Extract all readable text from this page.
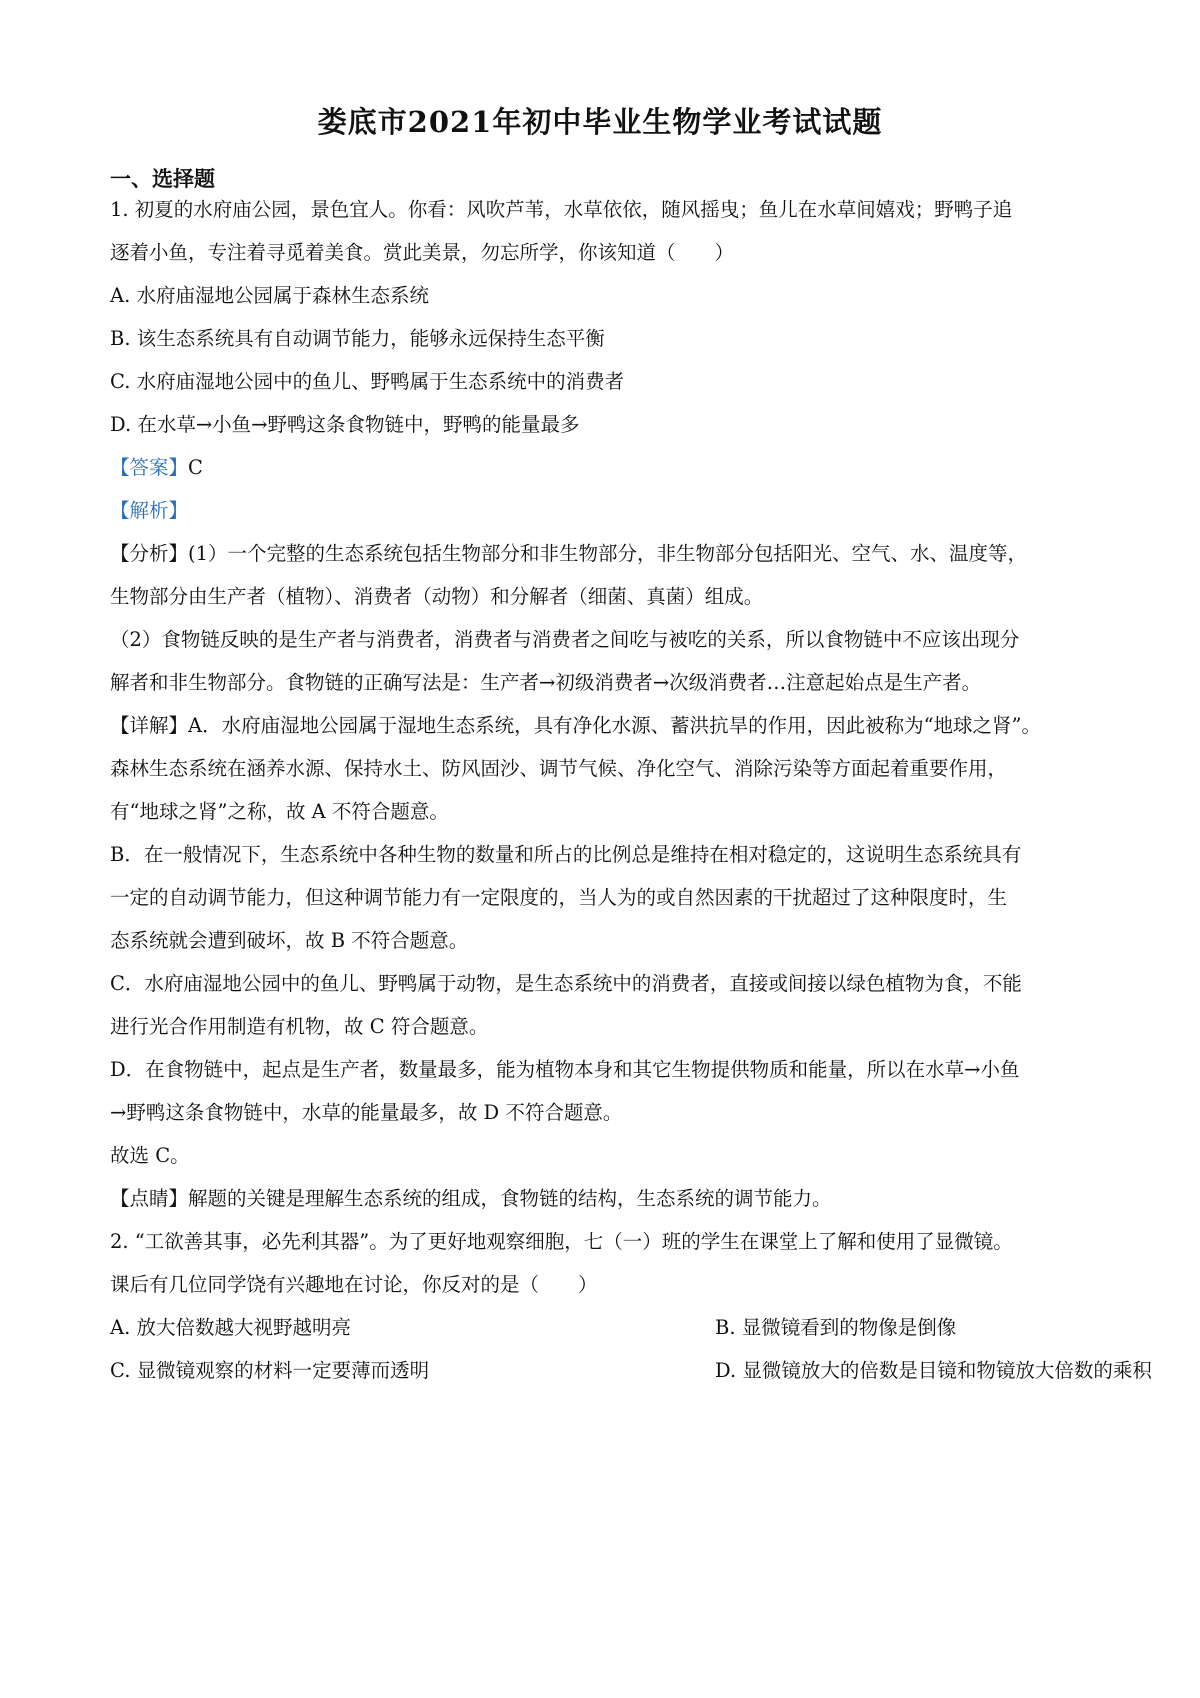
娄底市2021年初中毕业生物学业考试试题
一、选择题
1. 初夏的水府庙公园，景色宜人。你看：风吹芦苇，水草依依，随风摇曳；鱼儿在水草间嬉戏；野鸭子追
逐着小鱼，专注着寻觅着美食。赏此美景，勿忘所学，你该知道（　　）
A. 水府庙湿地公园属于森林生态系统
B. 该生态系统具有自动调节能力，能够永远保持生态平衡
C. 水府庙湿地公园中的鱼儿、野鸭属于生态系统中的消费者
D. 在水草→小鱼→野鸭这条食物链中，野鸭的能量最多
【答案】C
【解析】
【分析】(1）一个完整的生态系统包括生物部分和非生物部分，非生物部分包括阳光、空气、水、温度等，
生物部分由生产者（植物）、消费者（动物）和分解者（细菌、真菌）组成。
（2）食物链反映的是生产者与消费者，消费者与消费者之间吃与被吃的关系，所以食物链中不应该出现分
解者和非生物部分。食物链的正确写法是：生产者→初级消费者→次级消费者…注意起始点是生产者。
【详解】A．水府庙湿地公园属于湿地生态系统，具有净化水源、蓄洪抗旱的作用，因此被称为“地球之肾”。
森林生态系统在涵养水源、保持水土、防风固沙、调节气候、净化空气、消除污染等方面起着重要作用，
有“地球之肾”之称，故 A 不符合题意。
B．在一般情况下，生态系统中各种生物的数量和所占的比例总是维持在相对稳定的，这说明生态系统具有
一定的自动调节能力，但这种调节能力有一定限度的，当人为的或自然因素的干扰超过了这种限度时，生
态系统就会遭到破坏，故 B 不符合题意。
C．水府庙湿地公园中的鱼儿、野鸭属于动物，是生态系统中的消费者，直接或间接以绿色植物为食，不能
进行光合作用制造有机物，故 C 符合题意。
D．在食物链中，起点是生产者，数量最多，能为植物本身和其它生物提供物质和能量，所以在水草→小鱼
→野鸭这条食物链中，水草的能量最多，故 D 不符合题意。
故选 C。
【点睛】解题的关键是理解生态系统的组成，食物链的结构，生态系统的调节能力。
2. “工欲善其事，必先利其器”。为了更好地观察细胞，七（一）班的学生在课堂上了解和使用了显微镜。
课后有几位同学饶有兴趣地在讨论，你反对的是（　　）
A. 放大倍数越大视野越明亮	B. 显微镜看到的物像是倒像
C. 显微镜观察的材料一定要薄而透明	D. 显微镜放大的倍数是目镜和物镜放大倍数的乘积
